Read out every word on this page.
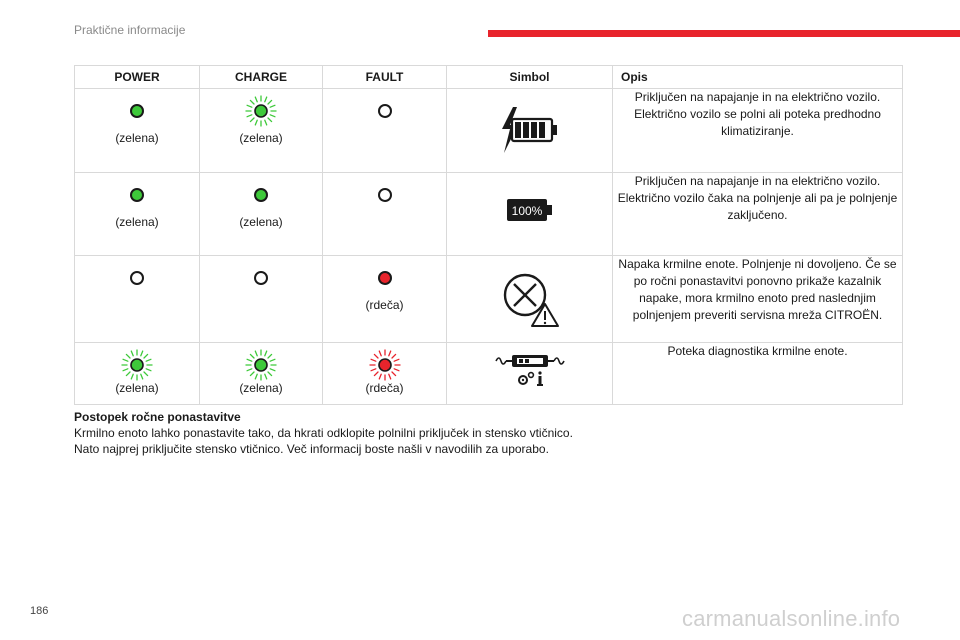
Praktične informacije
POWER	CHARGE	FAULT	Simbol	Opis

(zelena)	(zelena)			Priključen na napajanje in na električno vozilo. Električno vozilo se polni ali poteka predhodno klimatiziranje.

(zelena)	(zelena)		100%	Priključen na napajanje in na električno vozilo. Električno vozilo čaka na polnjenje ali pa je polnjenje zaključeno.

		(rdeča)		Napaka krmilne enote. Polnjenje ni dovoljeno. Če se po ročni ponastavitvi ponovno prikaže kazalnik napake, mora krmilno enoto pred naslednjim polnjenjem preveriti servisna mreža CITROËN.

(zelena)	(zelena)	(rdeča)		Poteka diagnostika krmilne enote.
Postopek ročne ponastavitve
Krmilno enoto lahko ponastavite tako, da hkrati odklopite polnilni priključek in stensko vtičnico.
Nato najprej priključite stensko vtičnico. Več informacij boste našli v navodilih za uporabo.
186	carmanualsonline.info
